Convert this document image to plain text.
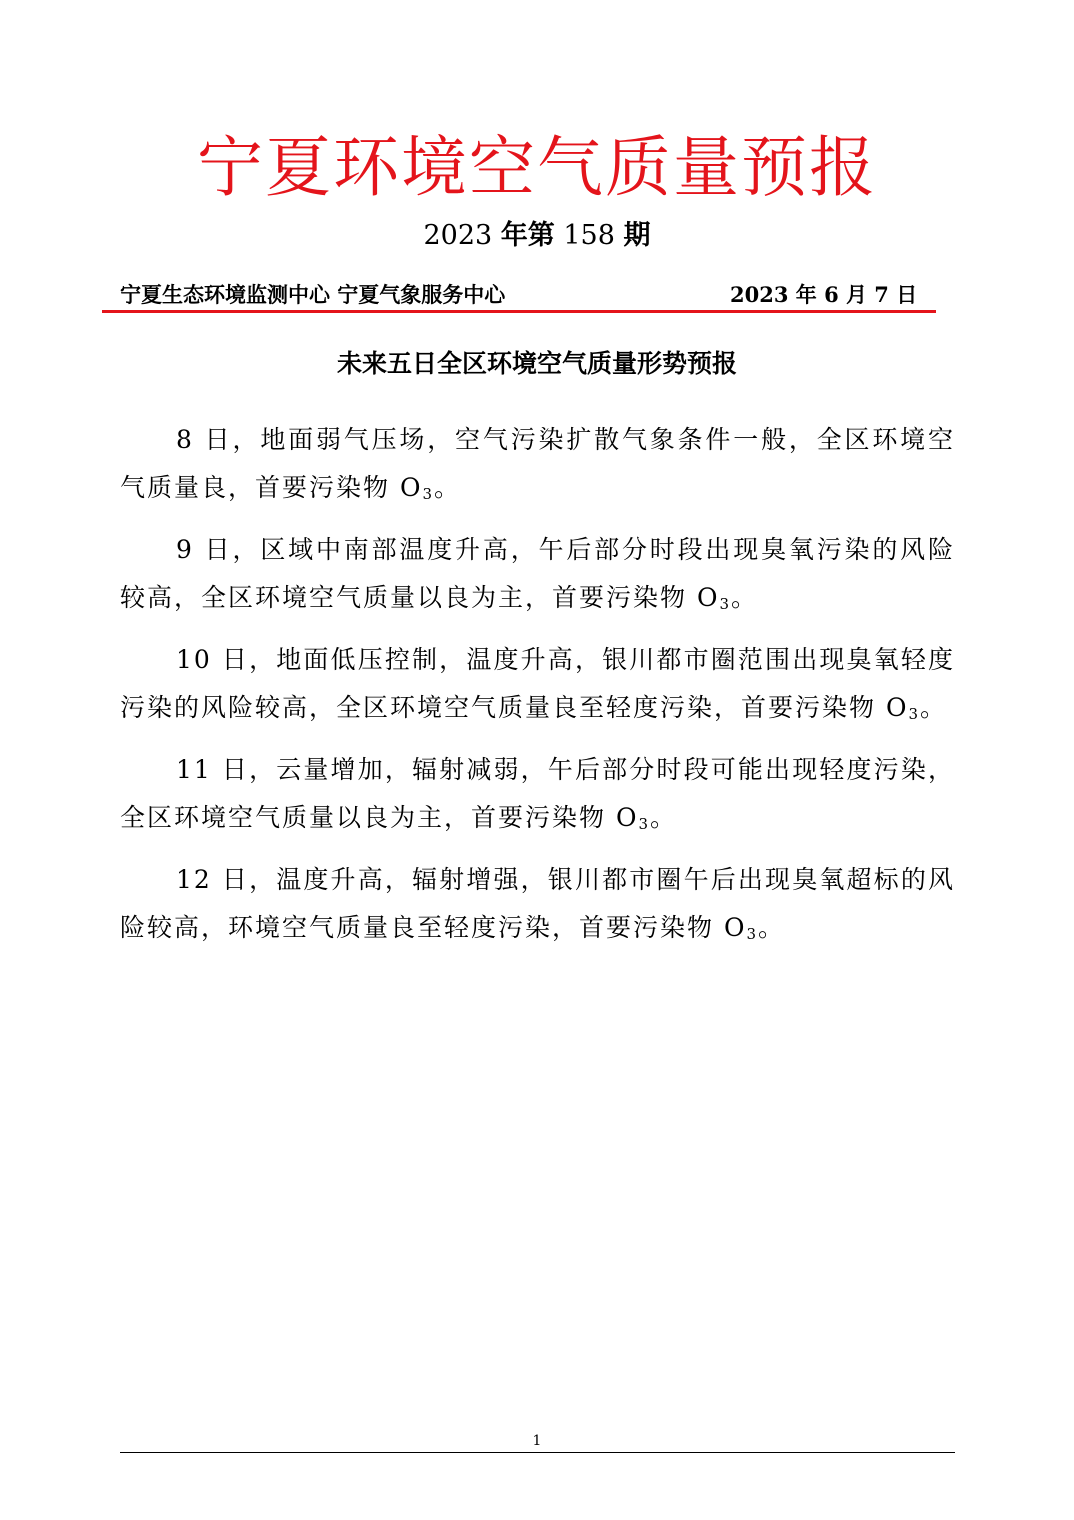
宁夏环境空气质量预报
2023 年第 158 期
宁夏生态环境监测中心 宁夏气象服务中心	2023 年 6 月 7 日
未来五日全区环境空气质量形势预报

8 日，地面弱气压场，空气污染扩散气象条件一般，全区环境空气质量良，首要污染物 $O_3$。

9 日，区域中南部温度升高，午后部分时段出现臭氧污染的风险较高，全区环境空气质量以良为主，首要污染物 $O_3$。

10 日，地面低压控制，温度升高，银川都市圈范围出现臭氧轻度污染的风险较高，全区环境空气质量良至轻度污染，首要污染物 $O_3$。

11 日，云量增加，辐射减弱，午后部分时段可能出现轻度污染，全区环境空气质量以良为主，首要污染物 $O_3$。

12 日，温度升高，辐射增强，银川都市圈午后出现臭氧超标的风险较高，环境空气质量良至轻度污染，首要污染物 $O_3$。

1
